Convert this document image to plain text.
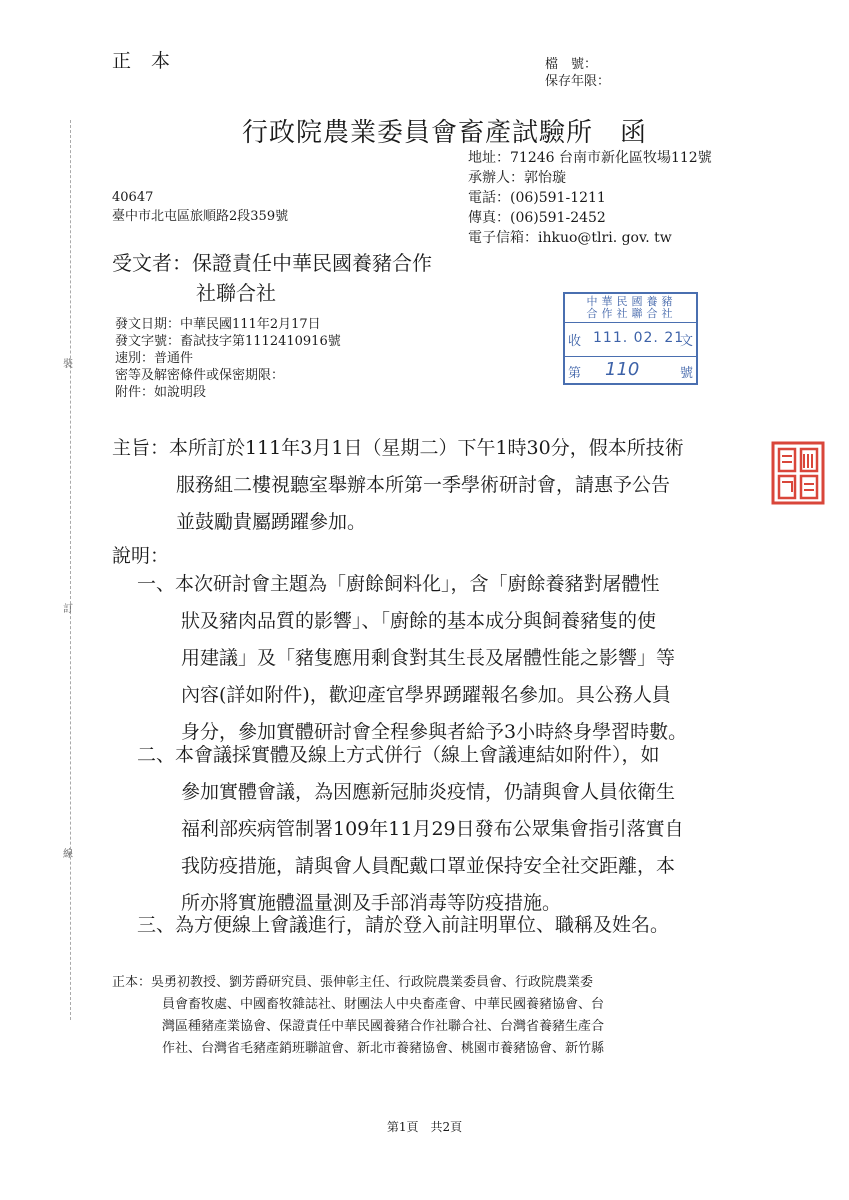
裝
訂
線
正本	檔　號：
保存年限：
行政院農業委員會畜產試驗所　函
地址：71246 台南市新化區牧場112號
承辦人：郭怡璇
電話：(06)591-1211
傳真：(06)591-2452
電子信箱：ihkuo@tlri. gov. tw
40647
臺中市北屯區旅順路2段359號
受文者：保證責任中華民國養豬合作
社聯合社
發文日期：中華民國111年2月17日
發文字號：畜試技字第1112410916號
速別：普通件
密等及解密條件或保密期限：
附件：如說明段
中華民國養豬
合作社聯合社
收 111. 02. 21
文
第 110	號
主旨：本所訂於111年3月1日（星期二）下午1時30分，假本所技術
服務組二樓視聽室舉辦本所第一季學術研討會，請惠予公告
並鼓勵貴屬踴躍參加。
說明：
一、本次研討會主題為「廚餘飼料化」，含「廚餘養豬對屠體性
狀及豬肉品質的影響」、「廚餘的基本成分與飼養豬隻的使
用建議」及「豬隻應用剩食對其生長及屠體性能之影響」等
內容(詳如附件)，歡迎產官學界踴躍報名參加。具公務人員
身分，參加實體研討會全程參與者給予3小時終身學習時數。
二、本會議採實體及線上方式併行（線上會議連結如附件），如
參加實體會議，為因應新冠肺炎疫情，仍請與會人員依衛生
福利部疾病管制署109年11月29日發布公眾集會指引落實自
我防疫措施，請與會人員配戴口罩並保持安全社交距離，本
所亦將實施體溫量測及手部消毒等防疫措施。
三、為方便線上會議進行，請於登入前註明單位、職稱及姓名。
正本：吳勇初教授、劉芳爵研究員、張伸彰主任、行政院農業委員會、行政院農業委
員會畜牧處、中國畜牧雜誌社、財團法人中央畜產會、中華民國養豬協會、台
灣區種豬產業協會、保證責任中華民國養豬合作社聯合社、台灣省養豬生產合
作社、台灣省毛豬產銷班聯誼會、新北市養豬協會、桃園市養豬協會、新竹縣
第1頁　共2頁
